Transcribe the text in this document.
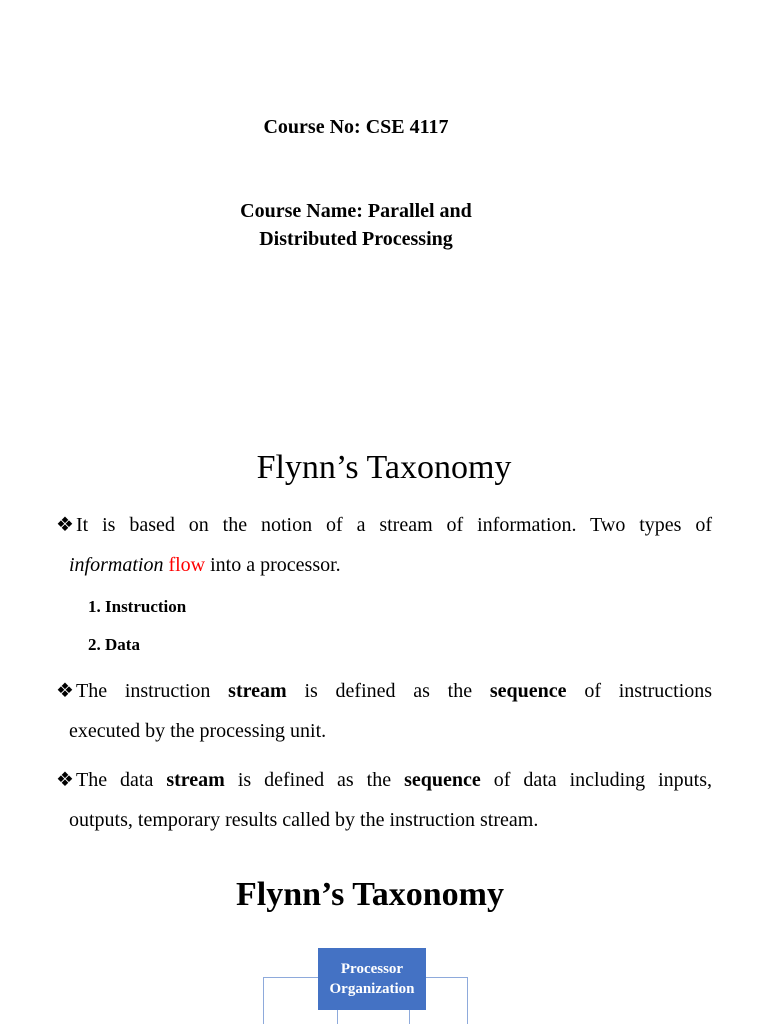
Course No: CSE 4117
Course Name: Parallel and
Distributed Processing
Flynn’s Taxonomy
❖ It is based on the notion of a stream of information. Two types of
information flow into a processor.
1. Instruction
2. Data
❖ The instruction stream is defined as the sequence of instructions
executed by the processing unit.
❖ The data stream is defined as the sequence of data including inputs,
outputs, temporary results called by the instruction stream.
Flynn’s Taxonomy
Processor
Organization
